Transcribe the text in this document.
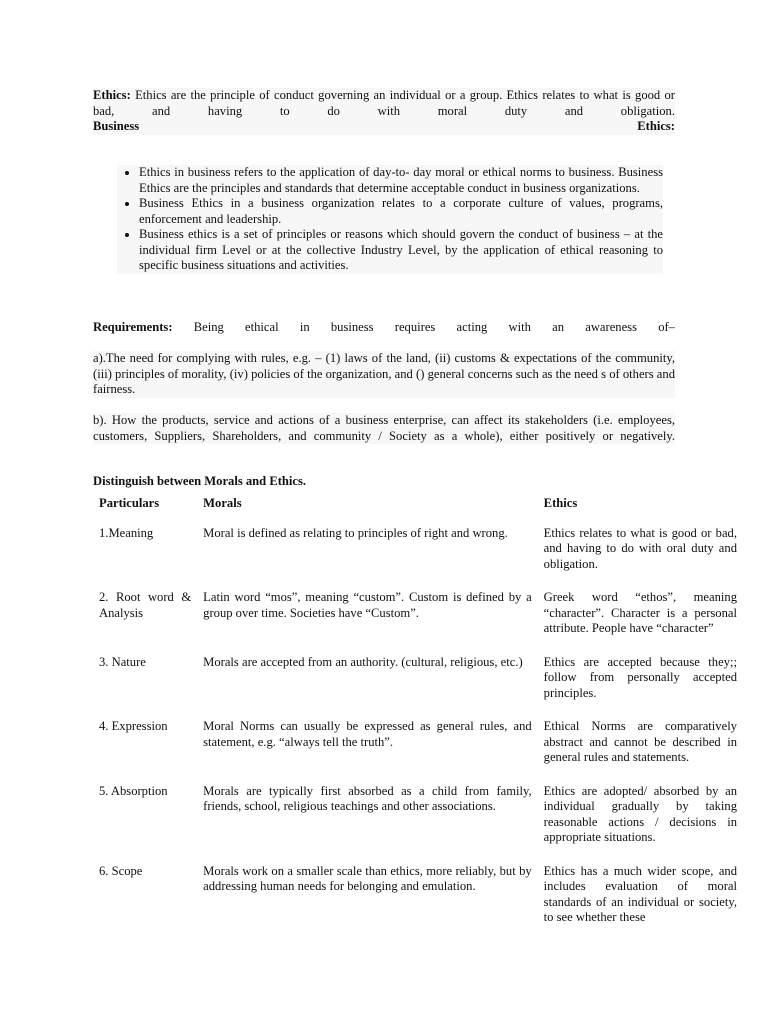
Ethics: Ethics are the principle of conduct governing an individual or a group. Ethics relates to what is good or bad, and having to do with moral duty and obligation.
Business	Ethics:
• Ethics in business refers to the application of day-to- day moral or ethical norms to business. Business Ethics are the principles and standards that determine acceptable conduct in business organizations.
• Business Ethics in a business organization relates to a corporate culture of values, programs, enforcement and leadership.
• Business ethics is a set of principles or reasons which should govern the conduct of business – at the individual firm Level or at the collective Industry Level, by the application of ethical reasoning to specific business situations and activities.
Requirements: Being ethical in business requires acting with an awareness of–
a).The need for complying with rules, e.g. – (1) laws of the land, (ii) customs & expectations of the community, (iii) principles of morality, (iv) policies of the organization, and () general concerns such as the need s of others and fairness.
b). How the products, service and actions of a business enterprise, can affect its stakeholders (i.e. employees, customers, Suppliers, Shareholders, and community / Society as a whole), either positively or negatively.
Distinguish between Morals and Ethics.
Particulars	Morals	Ethics
1.Meaning	Moral is defined as relating to principles of right and wrong.	Ethics relates to what is good or bad, and having to do with oral duty and obligation.
2. Root word & Analysis	Latin word “mos”, meaning “custom”. Custom is defined by a group over time. Societies have “Custom”.	Greek word “ethos”, meaning “character”. Character is a personal attribute. People have “character”
3. Nature	Morals are accepted from an authority. (cultural, religious, etc.)	Ethics are accepted because they;; follow from personally accepted principles.
4. Expression	Moral Norms can usually be expressed as general rules, and statement, e.g. “always tell the truth”.	Ethical Norms are comparatively abstract and cannot be described in general rules and statements.
5. Absorption	Morals are typically first absorbed as a child from family, friends, school, religious teachings and other associations.	Ethics are adopted/ absorbed by an individual gradually by taking reasonable actions / decisions in appropriate situations.
6. Scope	Morals work on a smaller scale than ethics, more reliably, but by addressing human needs for belonging and emulation.	Ethics has a much wider scope, and includes evaluation of moral standards of an individual or society, to see whether these
